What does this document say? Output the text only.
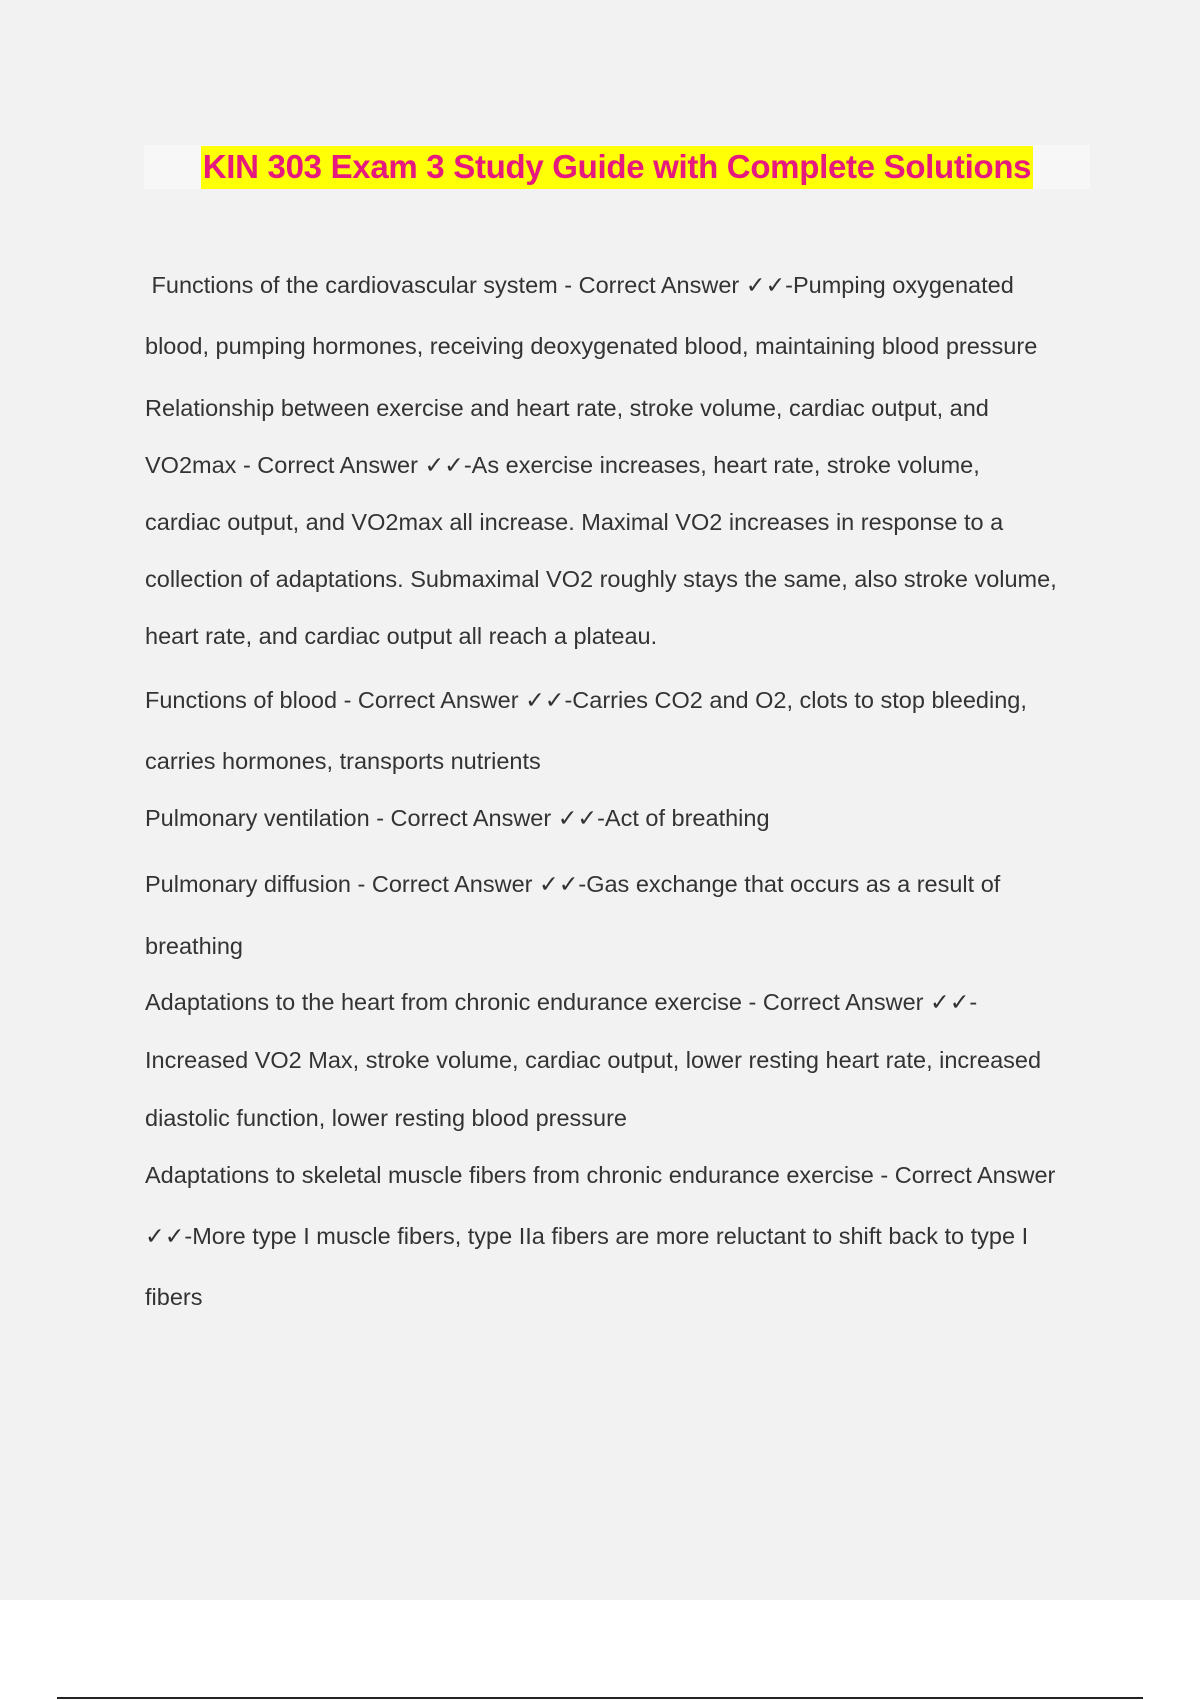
KIN 303 Exam 3 Study Guide with Complete Solutions
Functions of the cardiovascular system - Correct Answer ✓✓-Pumping oxygenated
blood, pumping hormones, receiving deoxygenated blood, maintaining blood pressure
Relationship between exercise and heart rate, stroke volume, cardiac output, and
VO2max - Correct Answer ✓✓-As exercise increases, heart rate, stroke volume,
cardiac output, and VO2max all increase. Maximal VO2 increases in response to a
collection of adaptations. Submaximal VO2 roughly stays the same, also stroke volume,
heart rate, and cardiac output all reach a plateau.
Functions of blood - Correct Answer ✓✓-Carries CO2 and O2, clots to stop bleeding,
carries hormones, transports nutrients
Pulmonary ventilation - Correct Answer ✓✓-Act of breathing
Pulmonary diffusion - Correct Answer ✓✓-Gas exchange that occurs as a result of
breathing
Adaptations to the heart from chronic endurance exercise - Correct Answer ✓✓-
Increased VO2 Max, stroke volume, cardiac output, lower resting heart rate, increased
diastolic function, lower resting blood pressure
Adaptations to skeletal muscle fibers from chronic endurance exercise - Correct Answer
✓✓-More type I muscle fibers, type IIa fibers are more reluctant to shift back to type I
fibers
